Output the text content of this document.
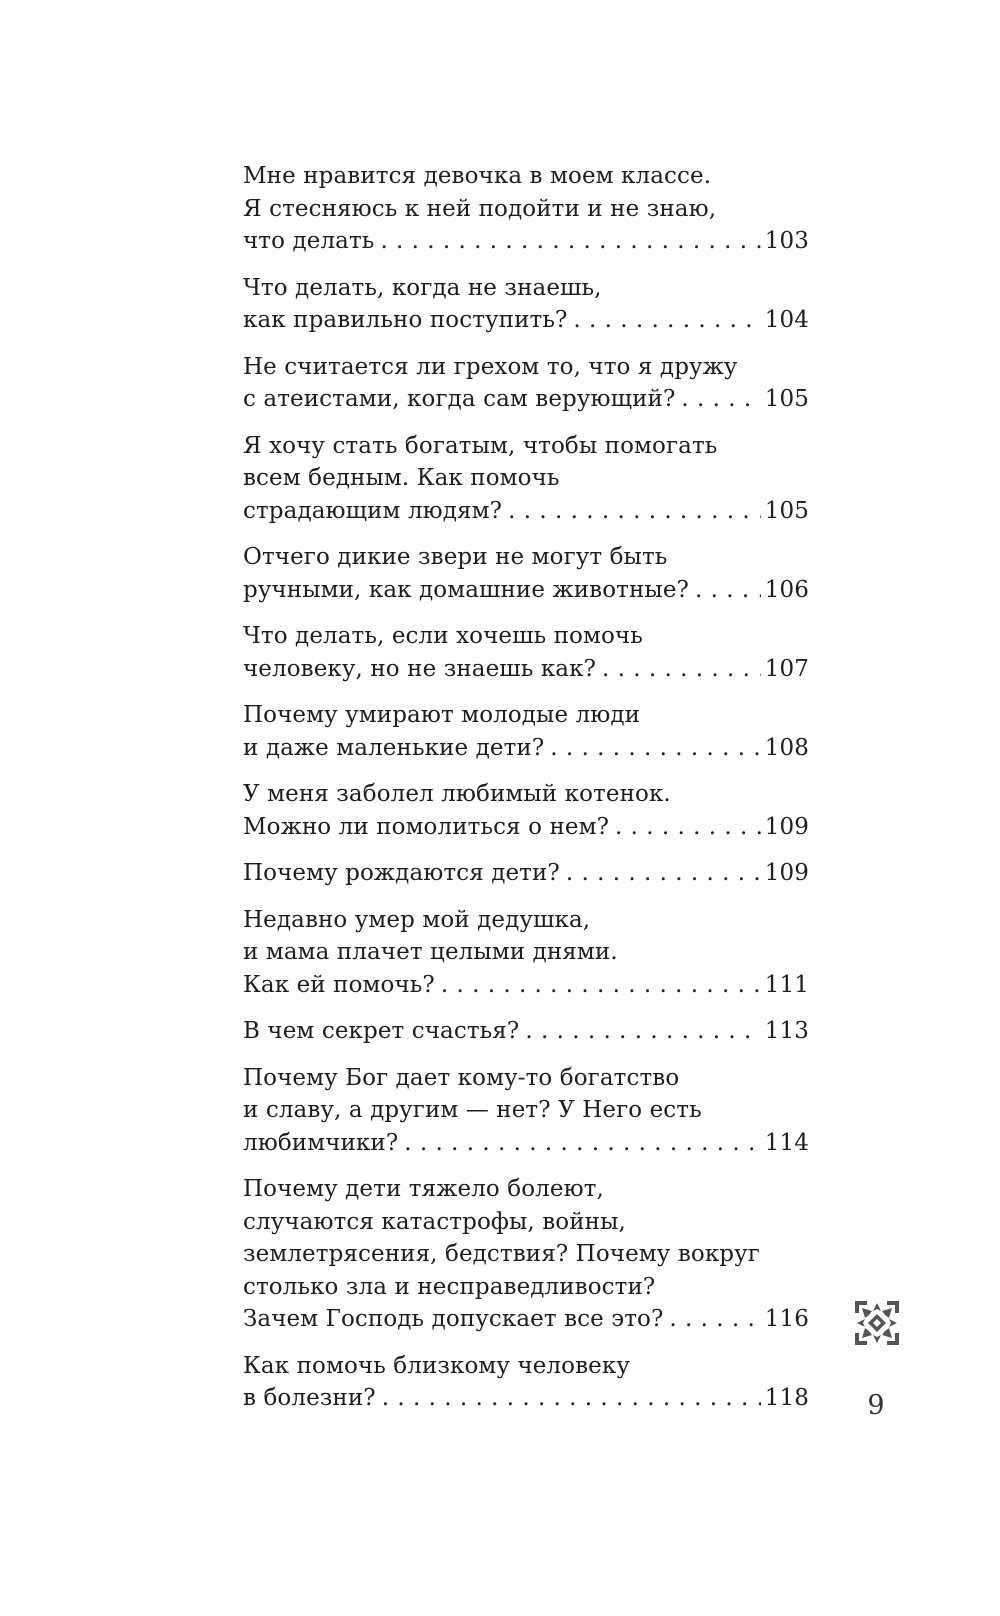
Мне нравится девочка в моем классе.
Я стесняюсь к ней подойти и не знаю,
что делать . . .	103
Что делать, когда не знаешь,
как правильно поступить? . . .	104
Не считается ли грехом то, что я дружу
с атеистами, когда сам верующий? . . .	105
Я хочу стать богатым, чтобы помогать
всем бедным. Как помочь
страдающим людям? . . .	105
Отчего дикие звери не могут быть
ручными, как домашние животные? . . .	106
Что делать, если хочешь помочь
человеку, но не знаешь как? . . .	107
Почему умирают молодые люди
и даже маленькие дети? . . .	108
У меня заболел любимый котенок.
Можно ли помолиться о нем? . . .	109
Почему рождаются дети? . . .	109
Недавно умер мой дедушка,
и мама плачет целыми днями.
Как ей помочь? . . .	111
В чем секрет счастья? . . .	113
Почему Бог дает кому-то богатство
и славу, а другим — нет? У Него есть
любимчики? . . .	114
Почему дети тяжело болеют,
случаются катастрофы, войны,
землетрясения, бедствия? Почему вокруг
столько зла и несправедливости?
Зачем Господь допускает все это? . . .	116
Как помочь близкому человеку
в болезни? . . .	118	9
